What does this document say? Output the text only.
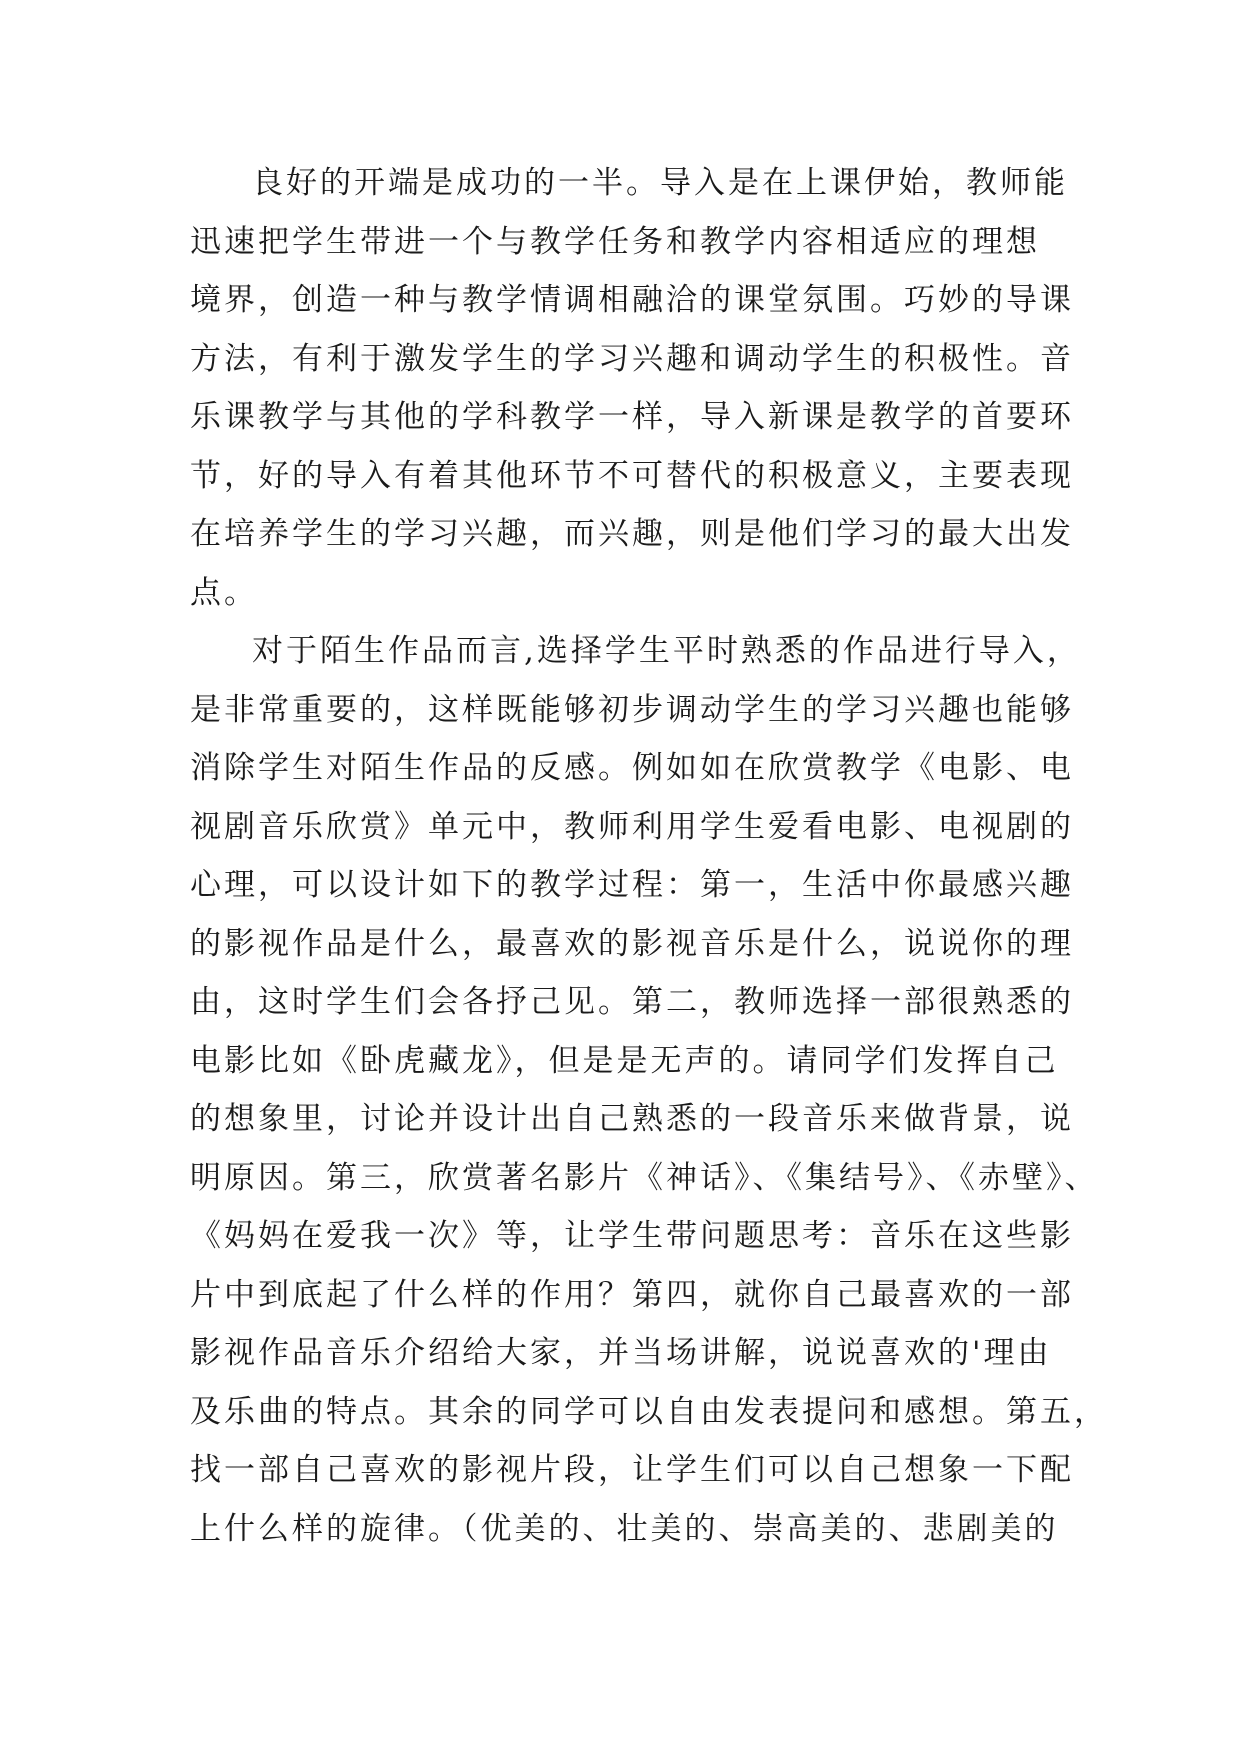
良好的开端是成功的一半。导入是在上课伊始，教师能
迅速把学生带进一个与教学任务和教学内容相适应的理想
境界，创造一种与教学情调相融洽的课堂氛围。巧妙的导课
方法，有利于激发学生的学习兴趣和调动学生的积极性。音
乐课教学与其他的学科教学一样，导入新课是教学的首要环
节，好的导入有着其他环节不可替代的积极意义，主要表现
在培养学生的学习兴趣，而兴趣，则是他们学习的最大出发
点。
对于陌生作品而言,选择学生平时熟悉的作品进行导入，
是非常重要的，这样既能够初步调动学生的学习兴趣也能够
消除学生对陌生作品的反感。例如如在欣赏教学《电影、电
视剧音乐欣赏》单元中，教师利用学生爱看电影、电视剧的
心理，可以设计如下的教学过程：第一，生活中你最感兴趣
的影视作品是什么，最喜欢的影视音乐是什么，说说你的理
由，这时学生们会各抒己见。第二，教师选择一部很熟悉的
电影比如《卧虎藏龙》，但是是无声的。请同学们发挥自己
的想象里，讨论并设计出自己熟悉的一段音乐来做背景，说
明原因。第三，欣赏著名影片《神话》、《集结号》、《赤壁》、
《妈妈在爱我一次》等，让学生带问题思考：音乐在这些影
片中到底起了什么样的作用？第四，就你自己最喜欢的一部
影视作品音乐介绍给大家，并当场讲解，说说喜欢的'理由
及乐曲的特点。其余的同学可以自由发表提问和感想。第五，
找一部自己喜欢的影视片段，让学生们可以自己想象一下配
上什么样的旋律。（优美的、壮美的、崇高美的、悲剧美的
